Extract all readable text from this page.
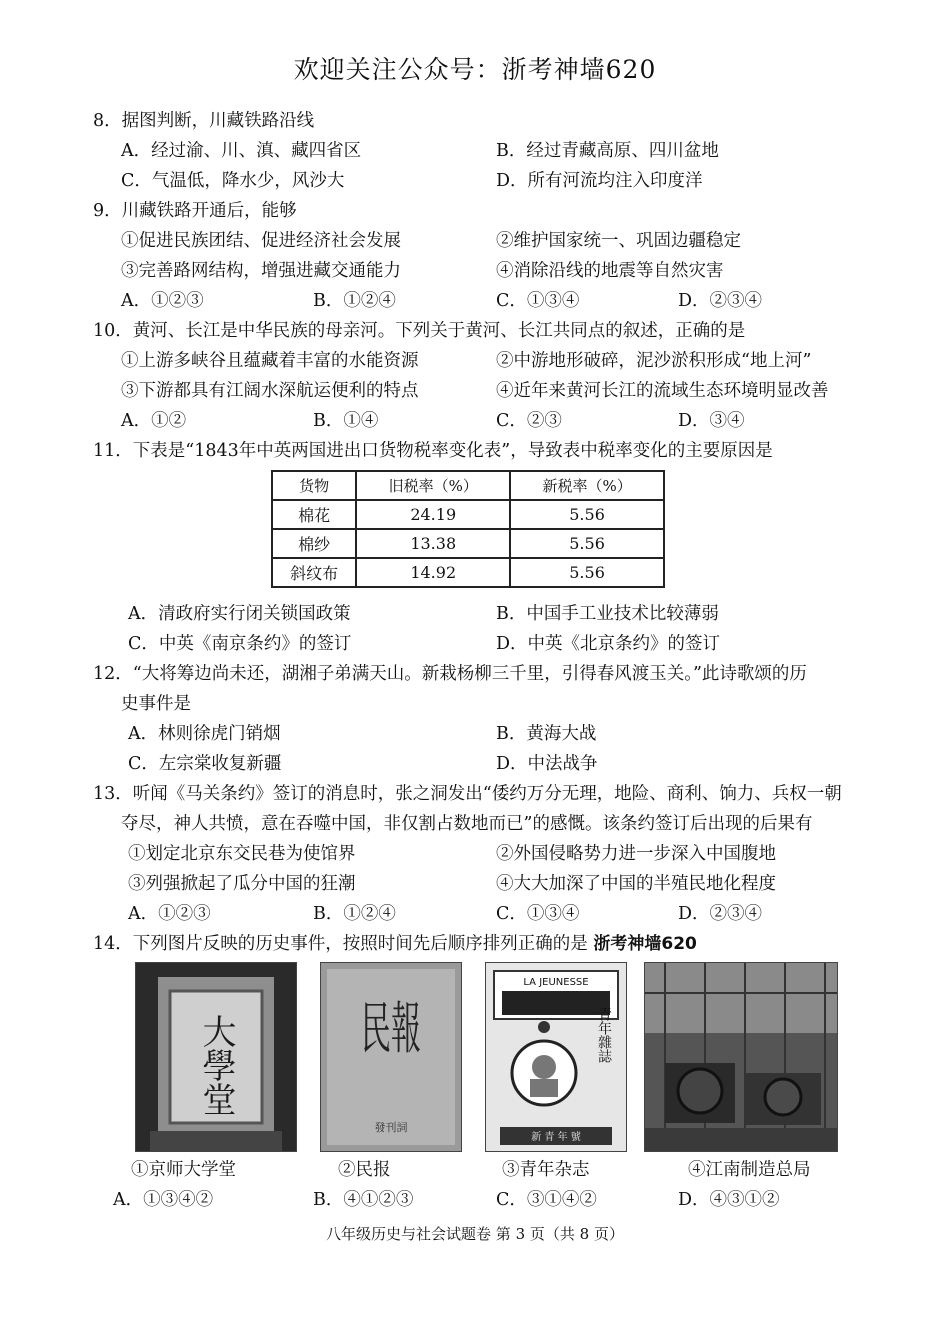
欢迎关注公众号：浙考神墙620
8．据图判断，川藏铁路沿线
A．经过渝、川、滇、藏四省区	B．经过青藏高原、四川盆地
C．气温低，降水少，风沙大	D．所有河流均注入印度洋
9．川藏铁路开通后，能够
①促进民族团结、促进经济社会发展	②维护国家统一、巩固边疆稳定
③完善路网结构，增强进藏交通能力	④消除沿线的地震等自然灾害
A．①②③	B．①②④	C．①③④	D．②③④
10．黄河、长江是中华民族的母亲河。下列关于黄河、长江共同点的叙述，正确的是
①上游多峡谷且蕴藏着丰富的水能资源	②中游地形破碎，泥沙淤积形成“地上河”
③下游都具有江阔水深航运便利的特点	④近年来黄河长江的流域生态环境明显改善
A．①②	B．①④	C．②③	D．③④
11．下表是“1843年中英两国进出口货物税率变化表”，导致表中税率变化的主要原因是
货物	旧税率（%）	新税率（%）
棉花	24.19	5.56
棉纱	13.38	5.56
斜纹布	14.92	5.56
A．清政府实行闭关锁国政策	B．中国手工业技术比较薄弱
C．中英《南京条约》的签订	D．中英《北京条约》的签订
12．“大将筹边尚未还，湖湘子弟满天山。新栽杨柳三千里，引得春风渡玉关。”此诗歌颂的历
史事件是
A．林则徐虎门销烟	B．黄海大战
C．左宗棠收复新疆	D．中法战争
13．听闻《马关条约》签订的消息时，张之洞发出“倭约万分无理，地险、商利、饷力、兵权一朝
夺尽，神人共愤，意在吞噬中国，非仅割占数地而已”的感慨。该条约签订后出现的后果有
①划定北京东交民巷为使馆界	②外国侵略势力进一步深入中国腹地
③列强掀起了瓜分中国的狂潮	④大大加深了中国的半殖民地化程度
A．①②③	B．①②④	C．①③④	D．②③④
14．下列图片反映的历史事件，按照时间先后顺序排列正确的是 浙考神墙620
大學堂
①京师大学堂
民報
發刊詞
②民报
LA JEUNESSE
青年雜誌
新 青 年 號
③青年杂志	④江南制造总局
A．①③④②	B．④①②③	C．③①④②	D．④③①②
八年级历史与社会试题卷 第 3 页（共 8 页）
